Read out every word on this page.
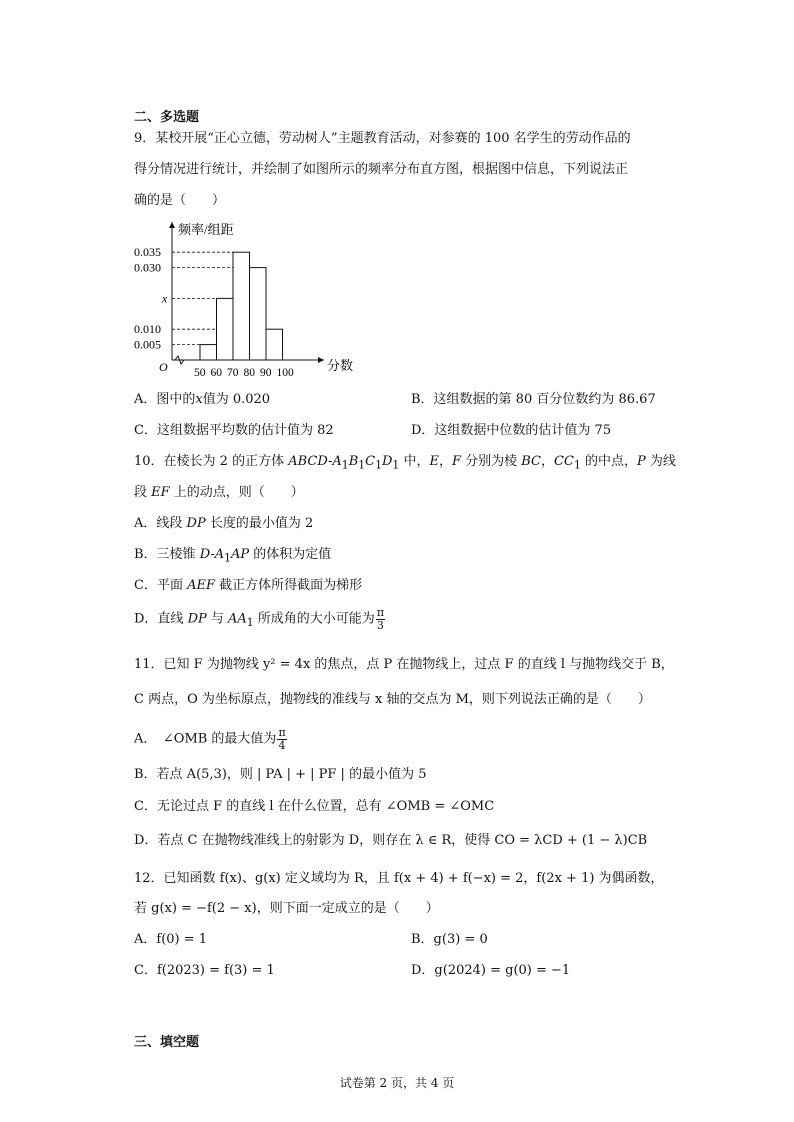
二、多选题
9．某校开展“正心立德，劳动树人”主题教育活动，对参赛的 100 名学生的劳动作品的
得分情况进行统计，并绘制了如图所示的频率分布直方图，根据图中信息，下列说法正
确的是（　　）
频率/组距
分数
O
0.035
0.030
x
0.010
0.005
50 60 70 80 90 100
A．图中的x值为 0.020	B．这组数据的第 80 百分位数约为 86.67
C．这组数据平均数的估计值为 82	D．这组数据中位数的估计值为 75
10．在棱长为 2 的正方体 ABCD-$A_1B_1C_1D_1$ 中，E，F 分别为棱 BC，$CC_1$ 的中点，P 为线
段 EF 上的动点，则（　　）
A．线段 DP 长度的最小值为 2
B．三棱锥 $D-A_1AP$ 的体积为定值
C．平面 AEF 截正方体所得截面为梯形
D．直线 DP 与 $AA_1$ 所成角的大小可能为 $\frac{\pi}{3}$
11．已知 F 为抛物线 y² = 4x 的焦点，点 P 在抛物线上，过点 F 的直线 l 与抛物线交于 B，
C 两点，O 为坐标原点，抛物线的准线与 x 轴的交点为 M，则下列说法正确的是（　　）
A．　∠OMB 的最大值为 $\frac{\pi}{4}$
B．若点 A(5,3)，则 | PA | + | PF | 的最小值为 5
C．无论过点 F 的直线 l 在什么位置，总有 ∠OMB = ∠OMC
D．若点 C 在抛物线准线上的射影为 D，则存在 λ ∈ R，使得 CO = λCD + (1 − λ)CB
12．已知函数 f(x)、g(x) 定义域均为 R，且 f(x + 4) + f(−x) = 2，f(2x + 1) 为偶函数，
若 g(x) = −f(2 − x)，则下面一定成立的是（　　）
A．f(0) = 1	B．g(3) = 0
C．f(2023) = f(3) = 1	D．g(2024) = g(0) = −1
三、填空题
试卷第 2 页，共 4 页
